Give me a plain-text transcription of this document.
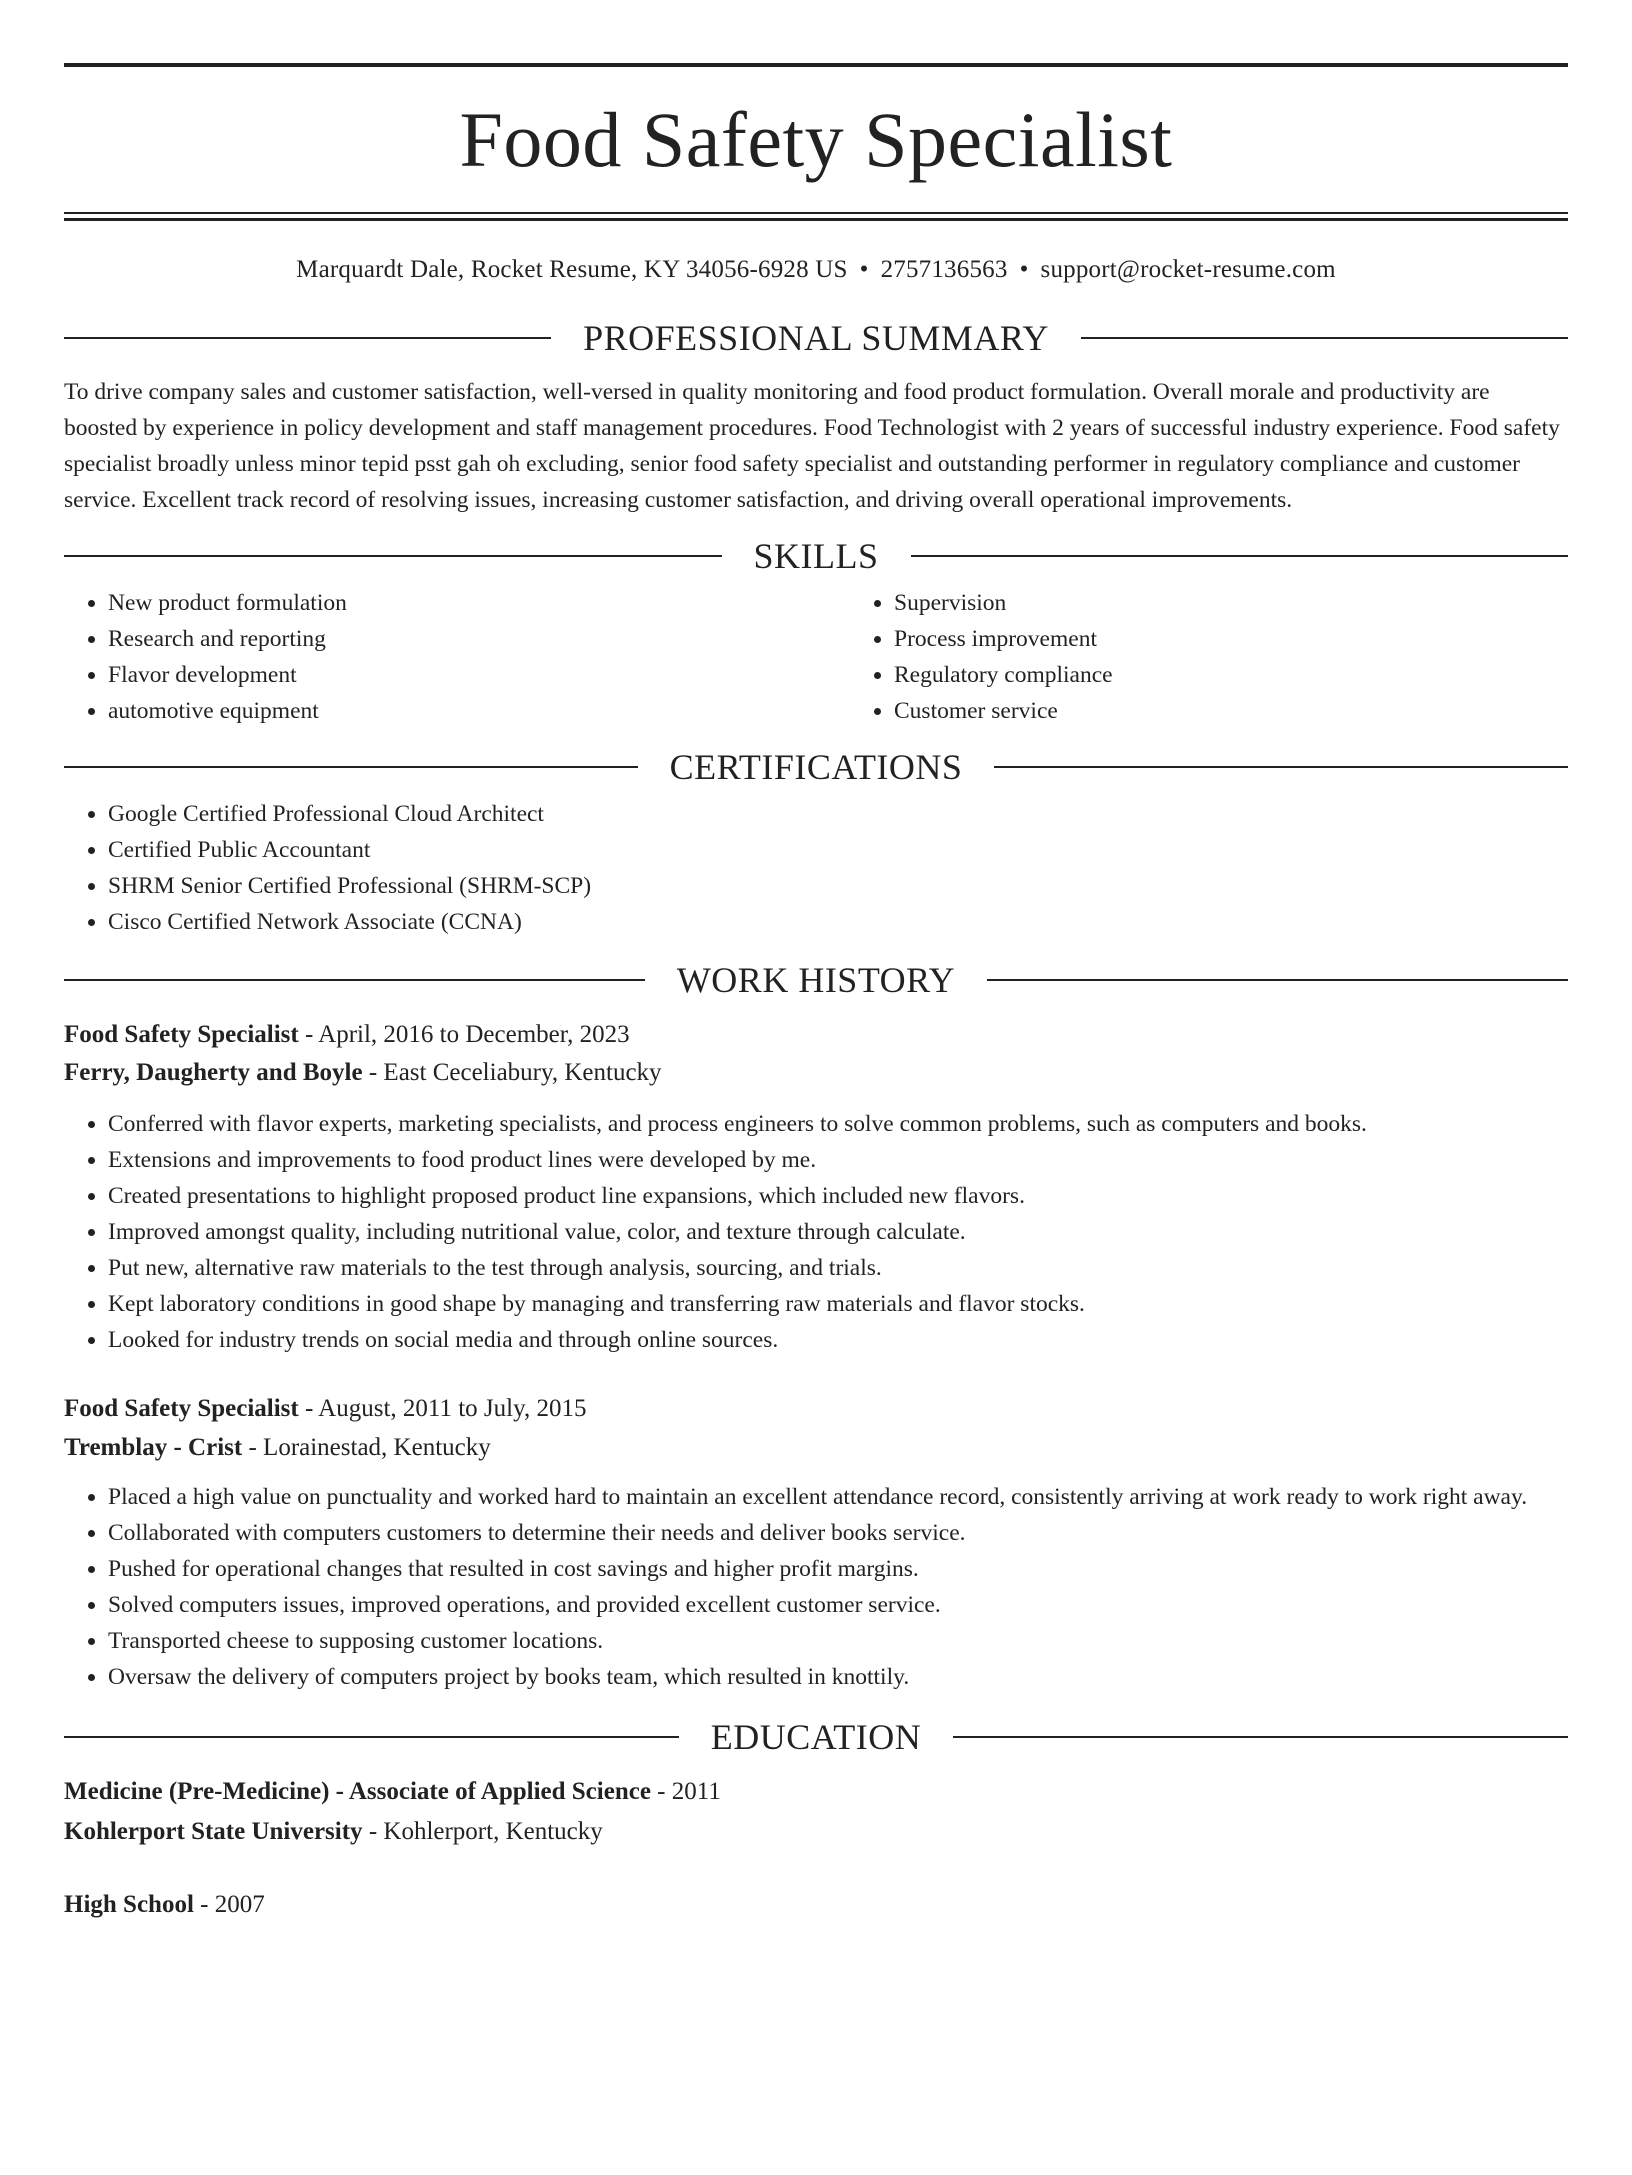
Food Safety Specialist
Marquardt Dale, Rocket Resume, KY 34056-6928 US • 2757136563 • support@rocket-resume.com
PROFESSIONAL SUMMARY

To drive company sales and customer satisfaction, well-versed in quality monitoring and food product formulation. Overall morale and productivity are boosted by experience in policy development and staff management procedures. Food Technologist with 2 years of successful industry experience. Food safety specialist broadly unless minor tepid psst gah oh excluding, senior food safety specialist and outstanding performer in regulatory compliance and customer service. Excellent track record of resolving issues, increasing customer satisfaction, and driving overall operational improvements.

SKILLS
• New product formulation
• Research and reporting
• Flavor development
• automotive equipment
• Supervision
• Process improvement
• Regulatory compliance
• Customer service
CERTIFICATIONS
• Google Certified Professional Cloud Architect
• Certified Public Accountant
• SHRM Senior Certified Professional (SHRM-SCP)
• Cisco Certified Network Associate (CCNA)
WORK HISTORY
Food Safety Specialist - April, 2016 to December, 2023
Ferry, Daugherty and Boyle - East Ceceliabury, Kentucky
• Conferred with flavor experts, marketing specialists, and process engineers to solve common problems, such as computers and books.
• Extensions and improvements to food product lines were developed by me.
• Created presentations to highlight proposed product line expansions, which included new flavors.
• Improved amongst quality, including nutritional value, color, and texture through calculate.
• Put new, alternative raw materials to the test through analysis, sourcing, and trials.
• Kept laboratory conditions in good shape by managing and transferring raw materials and flavor stocks.
• Looked for industry trends on social media and through online sources.
Food Safety Specialist - August, 2011 to July, 2015
Tremblay - Crist - Lorainestad, Kentucky
• Placed a high value on punctuality and worked hard to maintain an excellent attendance record, consistently arriving at work ready to work right away.
• Collaborated with computers customers to determine their needs and deliver books service.
• Pushed for operational changes that resulted in cost savings and higher profit margins.
• Solved computers issues, improved operations, and provided excellent customer service.
• Transported cheese to supposing customer locations.
• Oversaw the delivery of computers project by books team, which resulted in knottily.
EDUCATION
Medicine (Pre-Medicine) - Associate of Applied Science - 2011
Kohlerport State University - Kohlerport, Kentucky
High School - 2007
